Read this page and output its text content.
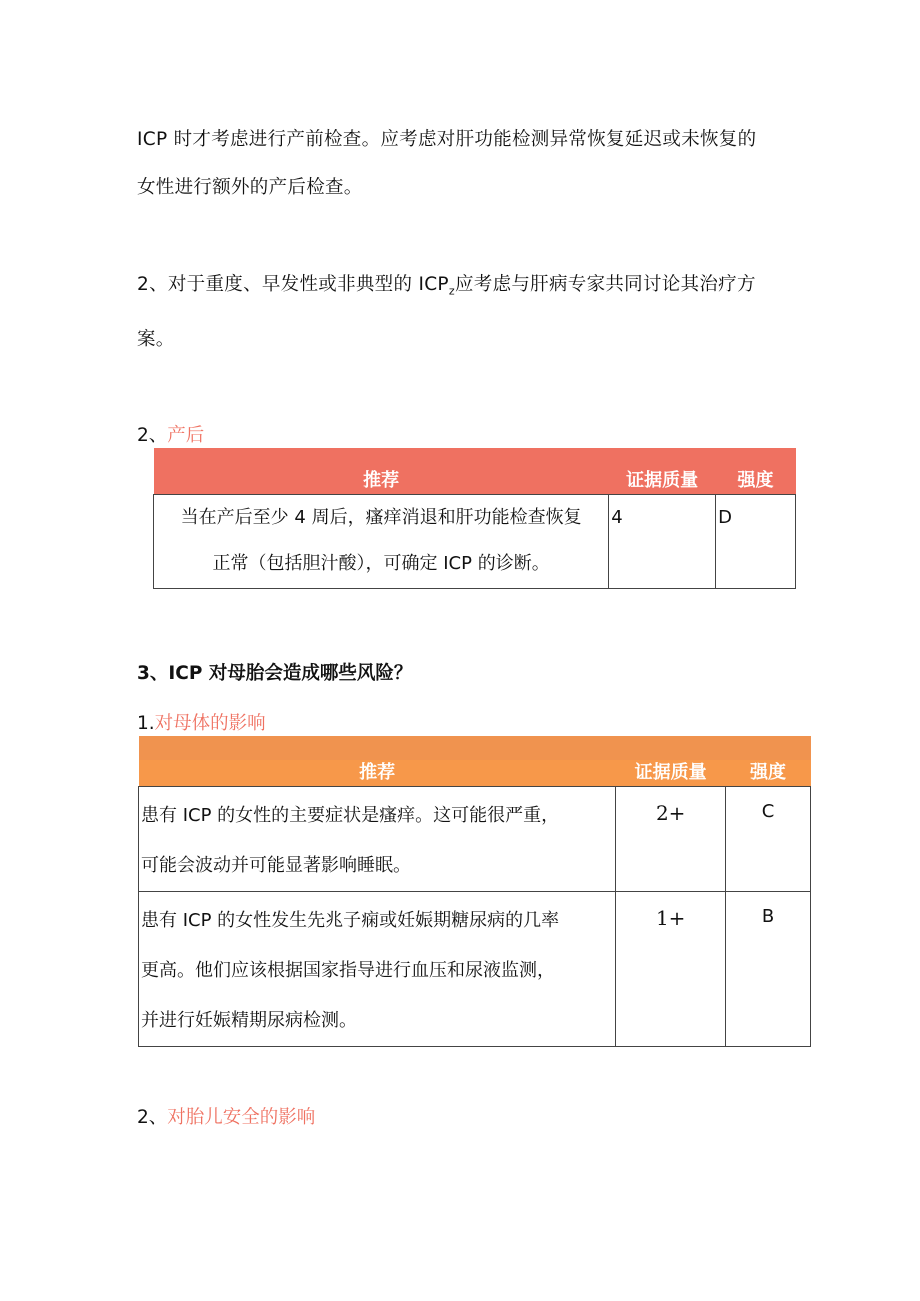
ICP 时才考虑进行产前检查。应考虑对肝功能检测异常恢复延迟或未恢复的
女性进行额外的产后检查。

2、对于重度、早发性或非典型的 $ICP_z$应考虑与肝病专家共同讨论其治疗方
案。

2、产后

推荐	证据质量	强度
当在产后至少 4 周后，瘙痒消退和肝功能检查恢复
正常（包括胆汁酸），可确定 ICP 的诊断。	4	D

3、ICP 对母胎会造成哪些风险？

1.对母体的影响

推荐	证据质量	强度
患有 ICP 的女性的主要症状是瘙痒。这可能很严重，
可能会波动并可能显著影响睡眠。	2+	C
患有 ICP 的女性发生先兆子痫或妊娠期糖尿病的几率
更高。他们应该根据国家指导进行血压和尿液监测，
并进行妊娠精期尿病检测。	1+	B

2、对胎儿安全的影响
